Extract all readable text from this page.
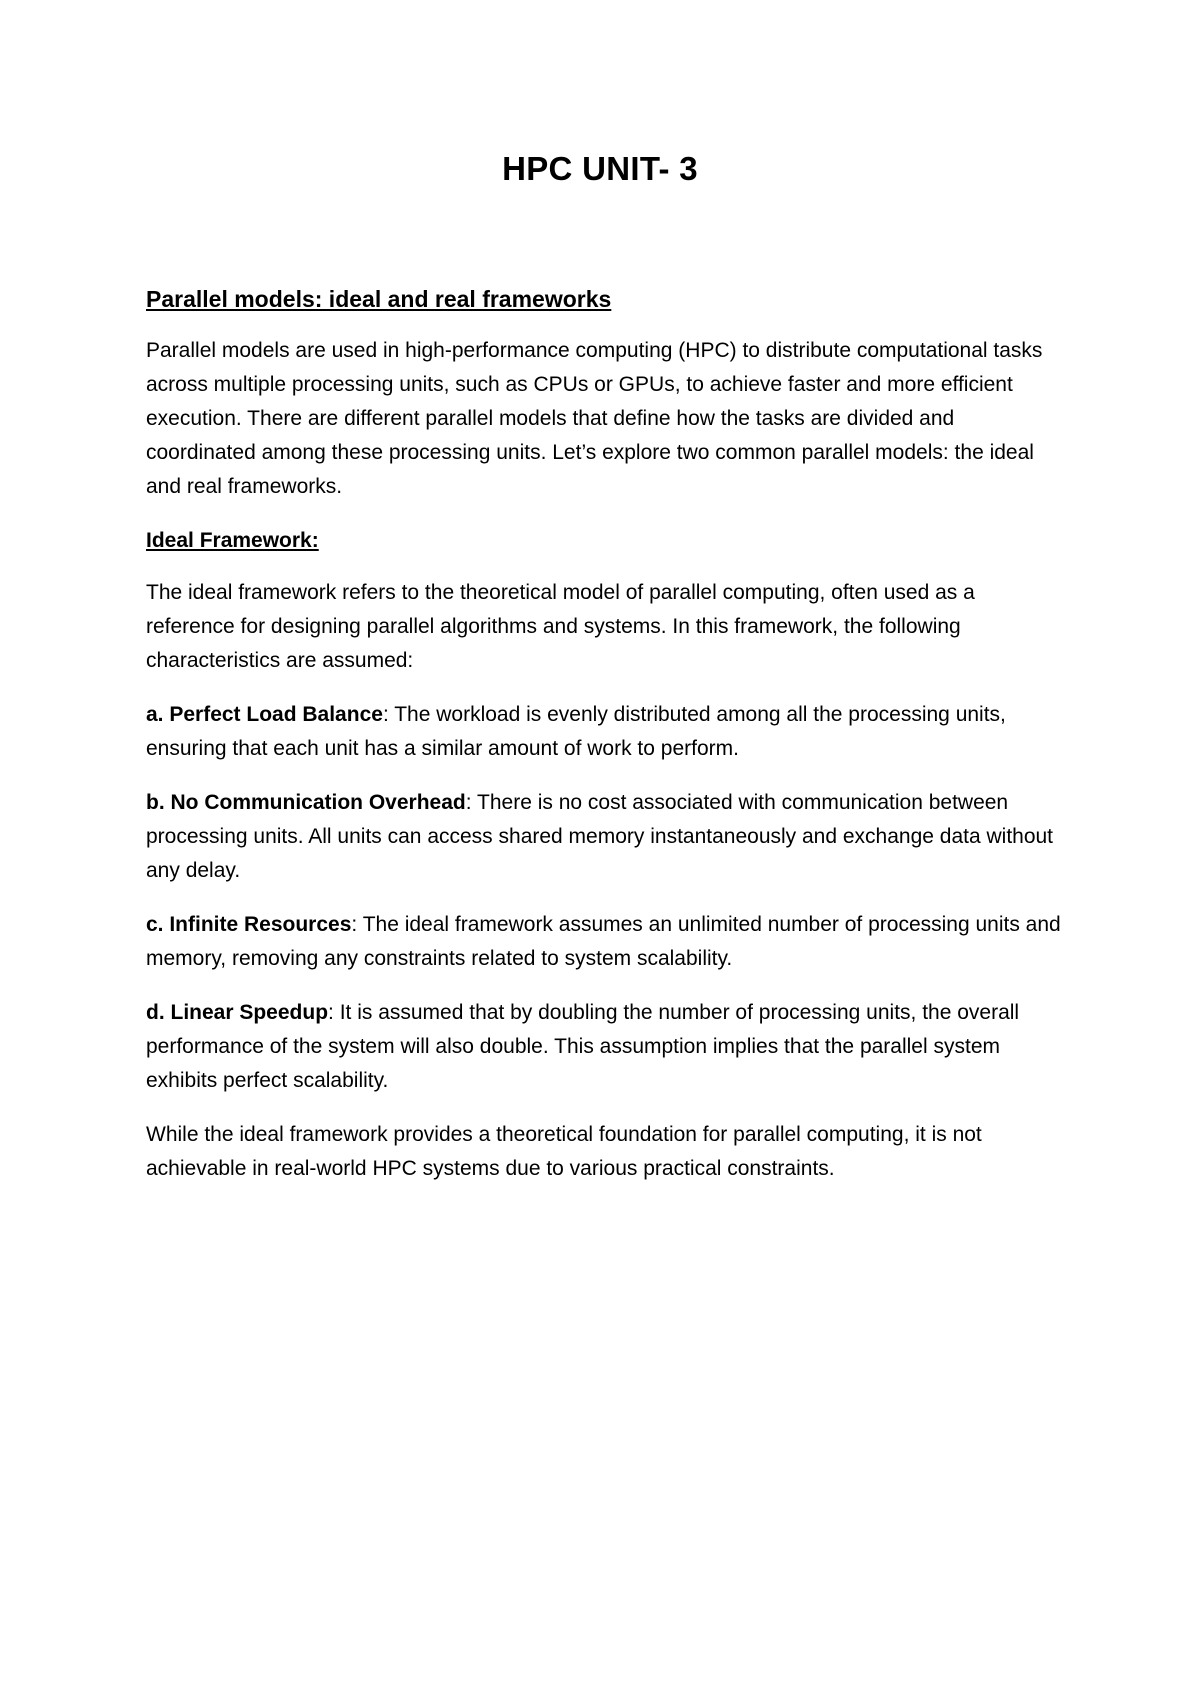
HPC UNIT- 3
Parallel models: ideal and real frameworks

Parallel models are used in high-performance computing (HPC) to distribute computational tasks across multiple processing units, such as CPUs or GPUs, to achieve faster and more efficient execution. There are different parallel models that define how the tasks are divided and coordinated among these processing units. Let’s explore two common parallel models: the ideal and real frameworks.

Ideal Framework:

The ideal framework refers to the theoretical model of parallel computing, often used as a reference for designing parallel algorithms and systems. In this framework, the following characteristics are assumed:

a. Perfect Load Balance: The workload is evenly distributed among all the processing units, ensuring that each unit has a similar amount of work to perform.

b. No Communication Overhead: There is no cost associated with communication between processing units. All units can access shared memory instantaneously and exchange data without any delay.

c. Infinite Resources: The ideal framework assumes an unlimited number of processing units and memory, removing any constraints related to system scalability.

d. Linear Speedup: It is assumed that by doubling the number of processing units, the overall performance of the system will also double. This assumption implies that the parallel system exhibits perfect scalability.

While the ideal framework provides a theoretical foundation for parallel computing, it is not achievable in real-world HPC systems due to various practical constraints.
